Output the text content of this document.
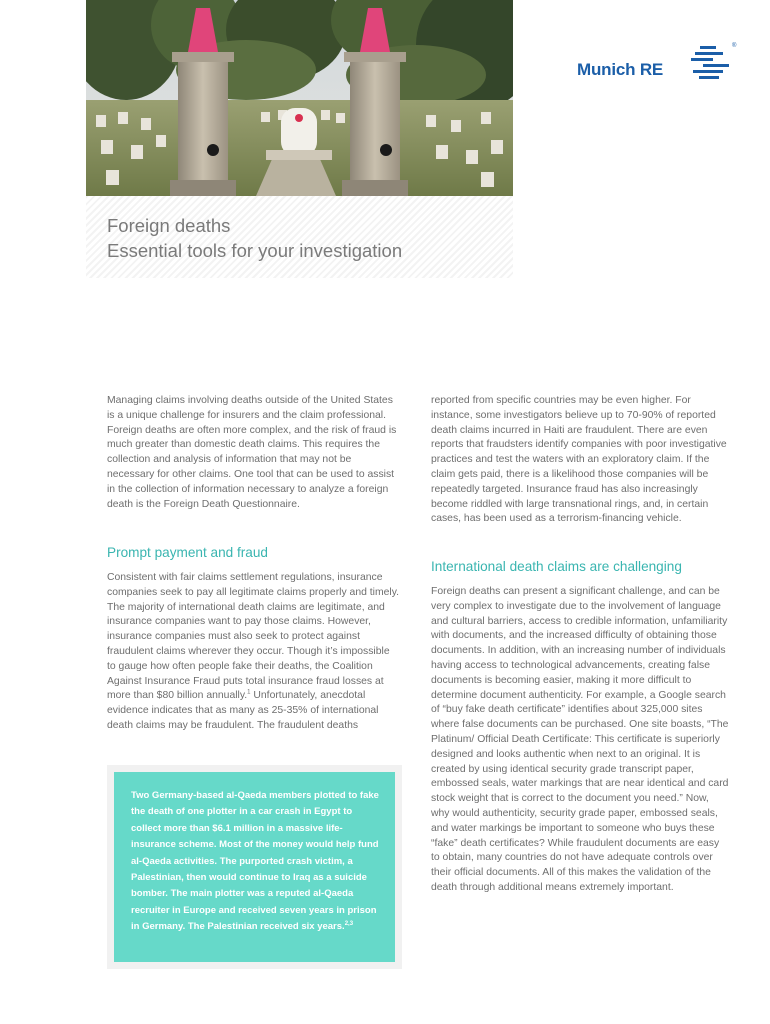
Foreign deaths
Essential tools for your investigation
Munich RE
®

Managing claims involving deaths outside of the United States is a unique challenge for insurers and the claim professional. Foreign deaths are often more complex, and the risk of fraud is much greater than domestic death claims. This requires the collection and analysis of information that may not be necessary for other claims. One tool that can be used to assist in the collection of information necessary to analyze a foreign death is the Foreign Death Questionnaire.

Prompt payment and fraud

Consistent with fair claims settlement regulations, insurance companies seek to pay all legitimate claims properly and timely. The majority of international death claims are legitimate, and insurance companies want to pay those claims. However, insurance companies must also seek to protect against fraudulent claims wherever they occur. Though it’s impossible to gauge how often people fake their deaths, the Coalition Against Insurance Fraud puts total insurance fraud losses at more than $80 billion annually.$^1$ Unfortunately, anecdotal evidence indicates that as many as 25-35% of international death claims may be fraudulent. The fraudulent deaths

Two Germany-based al-Qaeda members plotted to fake the death of one plotter in a car crash in Egypt to collect more than $6.1 million in a massive life-insurance scheme. Most of the money would help fund al-Qaeda activities. The purported crash victim, a Palestinian, then would continue to Iraq as a suicide bomber. The main plotter was a reputed al-Qaeda recruiter in Europe and received seven years in prison in Germany. The Palestinian received six years.$^{2,3}$

reported from specific countries may be even higher. For instance, some investigators believe up to 70-90% of reported death claims incurred in Haiti are fraudulent. There are even reports that fraudsters identify companies with poor investigative practices and test the waters with an exploratory claim. If the claim gets paid, there is a likelihood those companies will be repeatedly targeted. Insurance fraud has also increasingly become riddled with large transnational rings, and, in certain cases, has been used as a terrorism-financing vehicle.

International death claims are challenging

Foreign deaths can present a significant challenge, and can be very complex to investigate due to the involvement of language and cultural barriers, access to credible information, unfamiliarity with documents, and the increased difficulty of obtaining those documents. In addition, with an increasing number of individuals having access to technological advancements, creating false documents is becoming easier, making it more difficult to determine document authenticity. For example, a Google search of “buy fake death certificate” identifies about 325,000 sites where false documents can be purchased. One site boasts, “The Platinum/ Official Death Certificate: This certificate is superiorly designed and looks authentic when next to an original. It is created by using identical security grade transcript paper, embossed seals, water markings that are near identical and card stock weight that is correct to the document you need.” Now, why would authenticity, security grade paper, embossed seals, and water markings be important to someone who buys these “fake” death certificates? While fraudulent documents are easy to obtain, many countries do not have adequate controls over their official documents. All of this makes the validation of the death through additional means extremely important.
